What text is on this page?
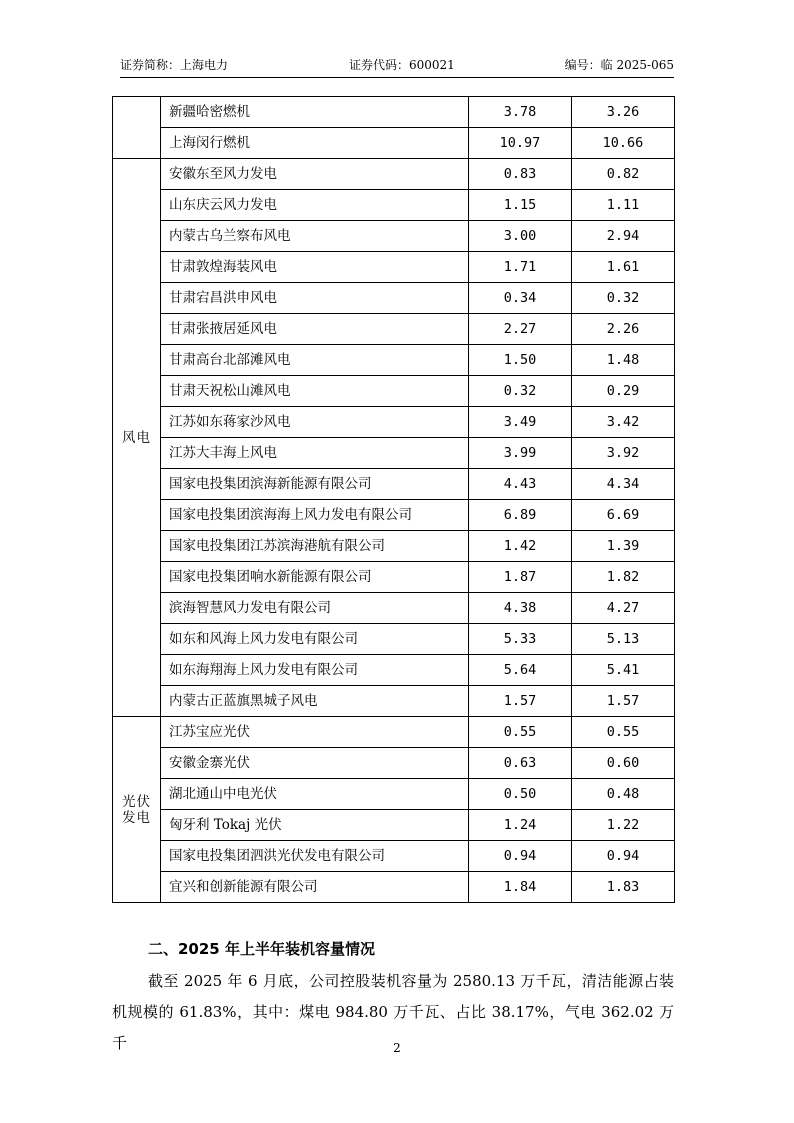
证券简称：上海电力	证券代码：600021	编号：临 2025-065
	新疆哈密燃机	3.78	3.26
	上海闵行燃机	10.97	10.66
风电	安徽东至风力发电	0.83	0.82
	山东庆云风力发电	1.15	1.11
	内蒙古乌兰察布风电	3.00	2.94
	甘肃敦煌海装风电	1.71	1.61
	甘肃宕昌洪申风电	0.34	0.32
	甘肃张掖居延风电	2.27	2.26
	甘肃高台北部滩风电	1.50	1.48
	甘肃天祝松山滩风电	0.32	0.29
	江苏如东蒋家沙风电	3.49	3.42
	江苏大丰海上风电	3.99	3.92
	国家电投集团滨海新能源有限公司	4.43	4.34
	国家电投集团滨海海上风力发电有限公司	6.89	6.69
	国家电投集团江苏滨海港航有限公司	1.42	1.39
	国家电投集团响水新能源有限公司	1.87	1.82
	滨海智慧风力发电有限公司	4.38	4.27
	如东和风海上风力发电有限公司	5.33	5.13
	如东海翔海上风力发电有限公司	5.64	5.41
	内蒙古正蓝旗黑城子风电	1.57	1.57
光伏
发电	江苏宝应光伏	0.55	0.55
	安徽金寨光伏	0.63	0.60
	湖北通山中电光伏	0.50	0.48
	匈牙利 Tokaj 光伏	1.24	1.22
	国家电投集团泗洪光伏发电有限公司	0.94	0.94
	宜兴和创新能源有限公司	1.84	1.83
二、2025 年上半年装机容量情况
截至 2025 年 6 月底，公司控股装机容量为 2580.13 万千瓦，清洁能源占装机规模的 61.83%，其中：煤电 984.80 万千瓦、占比 38.17%，气电 362.02 万千	2
